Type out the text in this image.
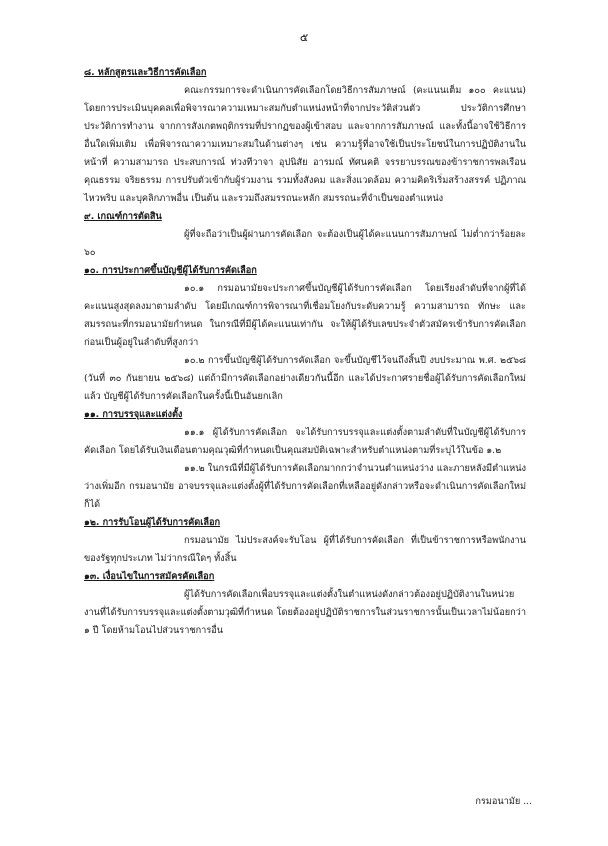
๕

๘. หลักสูตรและวิธีการคัดเลือก

คณะกรรมการจะดำเนินการคัดเลือกโดยวิธีการสัมภาษณ์ (คะแนนเต็ม ๑๐๐ คะแนน) โดยการประเมินบุคคลเพื่อพิจารณาความเหมาะสมกับตำแหน่งหน้าที่จากประวัติส่วนตัว ประวัติการศึกษา ประวัติการทำงาน จากการสังเกตพฤติกรรมที่ปรากฏของผู้เข้าสอบ และจากการสัมภาษณ์ และทั้งนี้อาจใช้วิธีการอื่นใดเพิ่มเติม เพื่อพิจารณาความเหมาะสมในด้านต่างๆ เช่น ความรู้ที่อาจใช้เป็นประโยชน์ในการปฏิบัติงานในหน้าที่ ความสามารถ ประสบการณ์ ท่วงทีวาจา อุปนิสัย อารมณ์ ทัศนคติ จรรยาบรรณของข้าราชการพลเรือน คุณธรรม จริยธรรม การปรับตัวเข้ากับผู้ร่วมงาน รวมทั้งสังคม และสิ่งแวดล้อม ความคิดริเริ่มสร้างสรรค์ ปฏิภาณไหวพริบ และบุคลิกภาพอื่น เป็นต้น และรวมถึงสมรรถนะหลัก สมรรถนะที่จำเป็นของตำแหน่ง

๙. เกณฑ์การตัดสิน

ผู้ที่จะถือว่าเป็นผู้ผ่านการคัดเลือก จะต้องเป็นผู้ได้คะแนนการสัมภาษณ์ ไม่ต่ำกว่าร้อยละ ๖๐

๑๐. การประกาศขึ้นบัญชีผู้ได้รับการคัดเลือก

๑๐.๑ กรมอนามัยจะประกาศขึ้นบัญชีผู้ได้รับการคัดเลือก โดยเรียงลำดับที่จากผู้ที่ได้คะแนนสูงสุดลงมาตามลำดับ โดยมีเกณฑ์การพิจารณาที่เชื่อมโยงกับระดับความรู้ ความสามารถ ทักษะ และสมรรถนะที่กรมอนามัยกำหนด ในกรณีที่มีผู้ได้คะแนนเท่ากัน จะให้ผู้ได้รับเลขประจำตัวสมัครเข้ารับการคัดเลือกก่อนเป็นผู้อยู่ในลำดับที่สูงกว่า

๑๐.๒ การขึ้นบัญชีผู้ได้รับการคัดเลือก จะขึ้นบัญชีไว้จนถึงสิ้นปี งบประมาณ พ.ศ. ๒๕๖๘ (วันที่ ๓๐ กันยายน ๒๕๖๘) แต่ถ้ามีการคัดเลือกอย่างเดียวกันนี้อีก และได้ประกาศรายชื่อผู้ได้รับการคัดเลือกใหม่แล้ว บัญชีผู้ได้รับการคัดเลือกในครั้งนี้เป็นอันยกเลิก

๑๑. การบรรจุและแต่งตั้ง

๑๑.๑ ผู้ได้รับการคัดเลือก จะได้รับการบรรจุและแต่งตั้งตามลำดับที่ในบัญชีผู้ได้รับการคัดเลือก โดยได้รับเงินเดือนตามคุณวุฒิที่กำหนดเป็นคุณสมบัติเฉพาะสำหรับตำแหน่งตามที่ระบุไว้ในข้อ ๑.๒

๑๑.๒ ในกรณีที่มีผู้ได้รับการคัดเลือกมากกว่าจำนวนตำแหน่งว่าง และภายหลังมีตำแหน่งว่างเพิ่มอีก กรมอนามัย อาจบรรจุและแต่งตั้งผู้ที่ได้รับการคัดเลือกที่เหลืออยู่ดังกล่าวหรือจะดำเนินการคัดเลือกใหม่ก็ได้

๑๒. การรับโอนผู้ได้รับการคัดเลือก

กรมอนามัย ไม่ประสงค์จะรับโอน ผู้ที่ได้รับการคัดเลือก ที่เป็นข้าราชการหรือพนักงานของรัฐทุกประเภท ไม่ว่ากรณีใดๆ ทั้งสิ้น

๑๓. เงื่อนไขในการสมัครคัดเลือก

ผู้ได้รับการคัดเลือกเพื่อบรรจุและแต่งตั้งในตำแหน่งดังกล่าวต้องอยู่ปฏิบัติงานในหน่วยงานที่ได้รับการบรรจุและแต่งตั้งตามวุฒิที่กำหนด โดยต้องอยู่ปฏิบัติราชการในส่วนราชการนั้นเป็นเวลาไม่น้อยกว่า ๑ ปี โดยห้ามโอนไปส่วนราชการอื่น

กรมอนามัย ...
